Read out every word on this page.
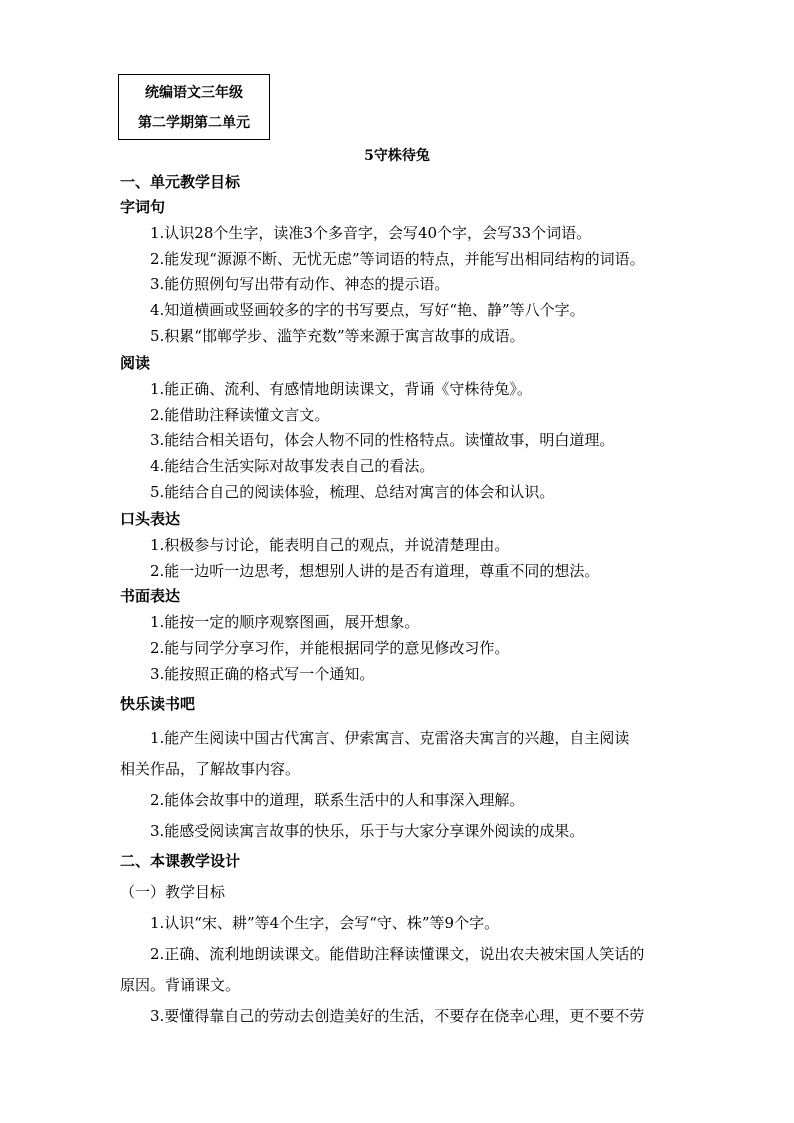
统编语文三年级
第二学期第二单元
5守株待兔
一、单元教学目标
字词句
1.认识28个生字，读准3个多音字，会写40个字，会写33个词语。
2.能发现“源源不断、无忧无虑”等词语的特点，并能写出相同结构的词语。
3.能仿照例句写出带有动作、神态的提示语。
4.知道横画或竖画较多的字的书写要点，写好“艳、静”等八个字。
5.积累“邯郸学步、滥竽充数”等来源于寓言故事的成语。
阅读
1.能正确、流利、有感情地朗读课文，背诵《守株待兔》。
2.能借助注释读懂文言文。
3.能结合相关语句，体会人物不同的性格特点。读懂故事，明白道理。
4.能结合生活实际对故事发表自己的看法。
5.能结合自己的阅读体验，梳理、总结对寓言的体会和认识。
口头表达
1.积极参与讨论，能表明自己的观点，并说清楚理由。
2.能一边听一边思考，想想别人讲的是否有道理，尊重不同的想法。
书面表达
1.能按一定的顺序观察图画，展开想象。
2.能与同学分享习作，并能根据同学的意见修改习作。
3.能按照正确的格式写一个通知。
快乐读书吧
1.能产生阅读中国古代寓言、伊索寓言、克雷洛夫寓言的兴趣，自主阅读
相关作品，了解故事内容。
2.能体会故事中的道理，联系生活中的人和事深入理解。
3.能感受阅读寓言故事的快乐，乐于与大家分享课外阅读的成果。
二、本课教学设计
（一）教学目标
1.认识“宋、耕”等4个生字，会写“守、株”等9个字。
2.正确、流利地朗读课文。能借助注释读懂课文，说出农夫被宋国人笑话的
原因。背诵课文。
3.要懂得靠自己的劳动去创造美好的生活，不要存在侥幸心理，更不要不劳
